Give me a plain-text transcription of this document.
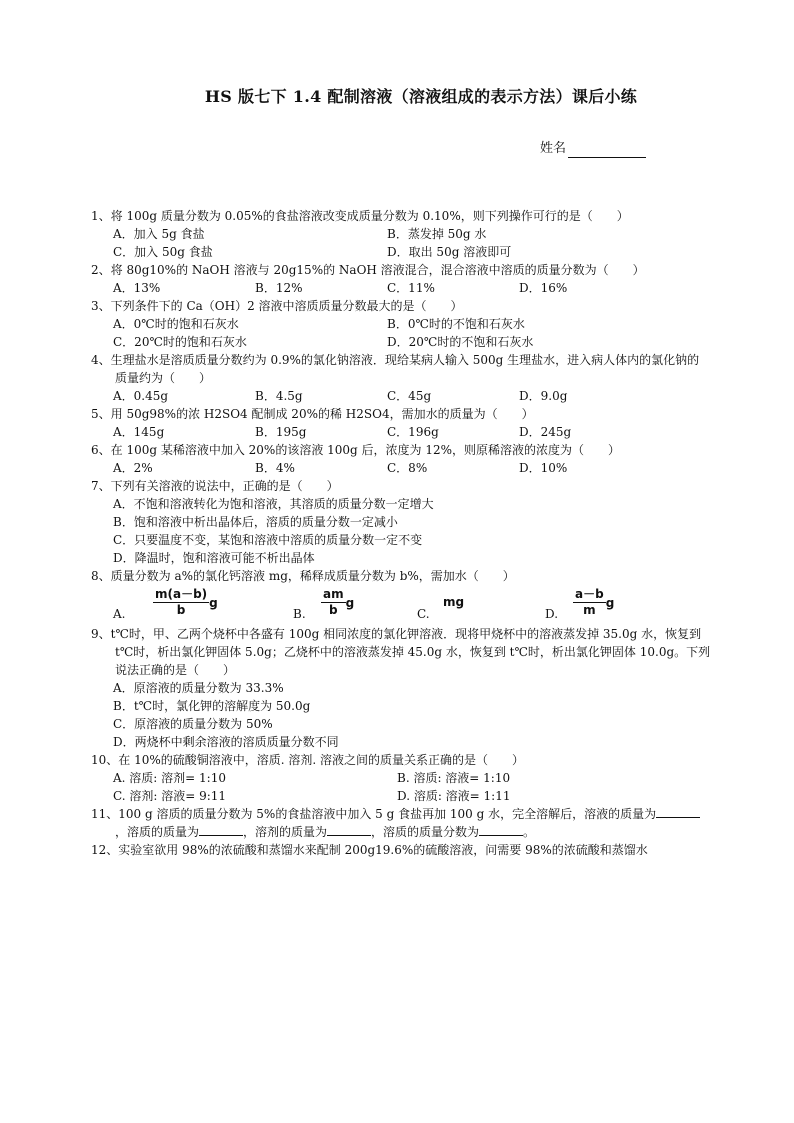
HS 版七下 1.4 配制溶液（溶液组成的表示方法）课后小练
姓名

1、将 100g 质量分数为 0.05%的食盐溶液改变成质量分数为 0.10%，则下列操作可行的是（　　）

A．加入 5g 食盐	B．蒸发掉 50g 水
C．加入 50g 食盐	D．取出 50g 溶液即可

2、将 80g10%的 NaOH 溶液与 20g15%的 NaOH 溶液混合，混合溶液中溶质的质量分数为（　　）

A．13%	B．12%	C．11%	D．16%

3、下列条件下的 Ca（OH）2 溶液中溶质质量分数最大的是（　　）

A．0℃时的饱和石灰水	B．0℃时的不饱和石灰水
C．20℃时的饱和石灰水	D．20℃时的不饱和石灰水

4、生理盐水是溶质质量分数约为 0.9%的氯化钠溶液．现给某病人输入 500g 生理盐水，进入病人体内的氯化钠的质量约为（　　）

A．0.45g	B．4.5g	C．45g	D．9.0g

5、用 50g98%的浓 H2SO4 配制成 20%的稀 H2SO4，需加水的质量为（　　）

A．145g	B．195g	C．196g	D．245g

6、在 100g 某稀溶液中加入 20%的该溶液 100g 后，浓度为 12%，则原稀溶液的浓度为（　　）

A．2%	B．4%	C．8%	D．10%

7、下列有关溶液的说法中，正确的是（　　）

A．不饱和溶液转化为饱和溶液，其溶质的质量分数一定增大
B．饱和溶液中析出晶体后，溶质的质量分数一定减小
C．只要温度不变，某饱和溶液中溶质的质量分数一定不变
D．降温时，饱和溶液可能不析出晶体

8、质量分数为 a%的氯化钙溶液 mg，稀释成质量分数为 b%，需加水（　　）

A. $\frac{m(a-b)}{b}$ g
B. $\frac{am}{b}$ g
C.
mg
D. $\frac{a-b}{m}$ g

9、t℃时，甲、乙两个烧杯中各盛有 100g 相同浓度的氯化钾溶液．现将甲烧杯中的溶液蒸发掉 35.0g 水，恢复到 t℃时，析出氯化钾固体 5.0g；乙烧杯中的溶液蒸发掉 45.0g 水，恢复到 t℃时，析出氯化钾固体 10.0g。下列说法正确的是（　　）

A．原溶液的质量分数为 33.3%
B．t℃时，氯化钾的溶解度为 50.0g
C．原溶液的质量分数为 50%
D．两烧杯中剩余溶液的溶质质量分数不同

10、在 10%的硫酸铜溶液中，溶质. 溶剂. 溶液之间的质量关系正确的是（　　）

A. 溶质: 溶剂= 1:10	B. 溶质: 溶液= 1:10
C. 溶剂: 溶液= 9:11	D. 溶质: 溶液= 1:11

11、100 g 溶质的质量分数为 5%的食盐溶液中加入 5 g 食盐再加 100 g 水，完全溶解后，溶液的质量为，溶质的质量为	，溶剂的质量为	，溶质的质量分数为	。

12、实验室欲用 98%的浓硫酸和蒸馏水来配制 200g19.6%的硫酸溶液，问需要 98%的浓硫酸和蒸馏水
